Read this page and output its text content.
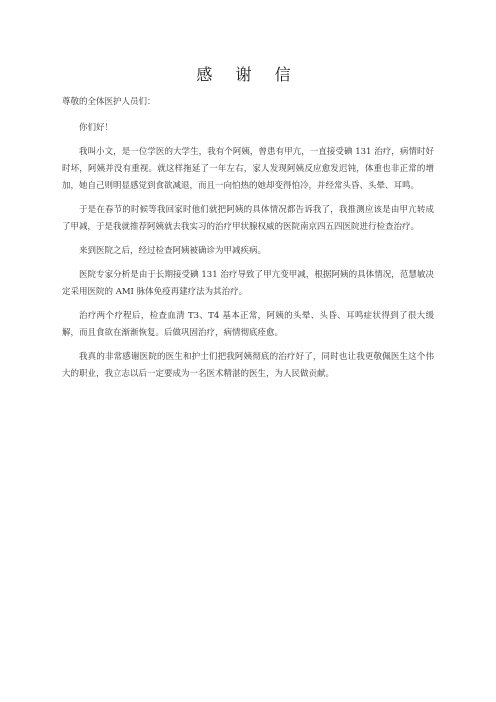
感 谢 信
尊敬的全体医护人员们：

你们好！

我叫小文，是一位学医的大学生，我有个阿姨，曾患有甲亢，一直接受碘 131 治疗，病情时好时坏，阿姨并没有重视。就这样拖延了一年左右，家人发现阿姨反应愈发迟钝，体重也非正常的增加，她自己则明显感觉到食欲减退，而且一向怕热的她却变得怕冷，并经常头昏、头晕、耳鸣。

于是在春节的时候等我回家时他们就把阿姨的具体情况都告诉我了，我推测应该是由甲亢转成了甲减，于是我就推荐阿姨就去我实习的治疗甲状腺权威的医院南京四五四医院进行检查治疗。

来到医院之后，经过检查阿姨被确诊为甲减疾病。

医院专家分析是由于长期接受碘 131 治疗导致了甲亢变甲减，根据阿姨的具体情况，范慧敏决定采用医院的 AMI 脉体免疫再建疗法为其治疗。

治疗两个疗程后，检查血清 T3、T4 基本正常，阿姨的头晕、头昏、耳鸣症状得到了很大缓解，而且食欲在渐渐恢复。后做巩固治疗，病情彻底痊愈。

我真的非常感谢医院的医生和护士们把我阿姨彻底的治疗好了，同时也让我更敬佩医生这个伟大的职业，我立志以后一定要成为一名医术精湛的医生，为人民做贡献。
